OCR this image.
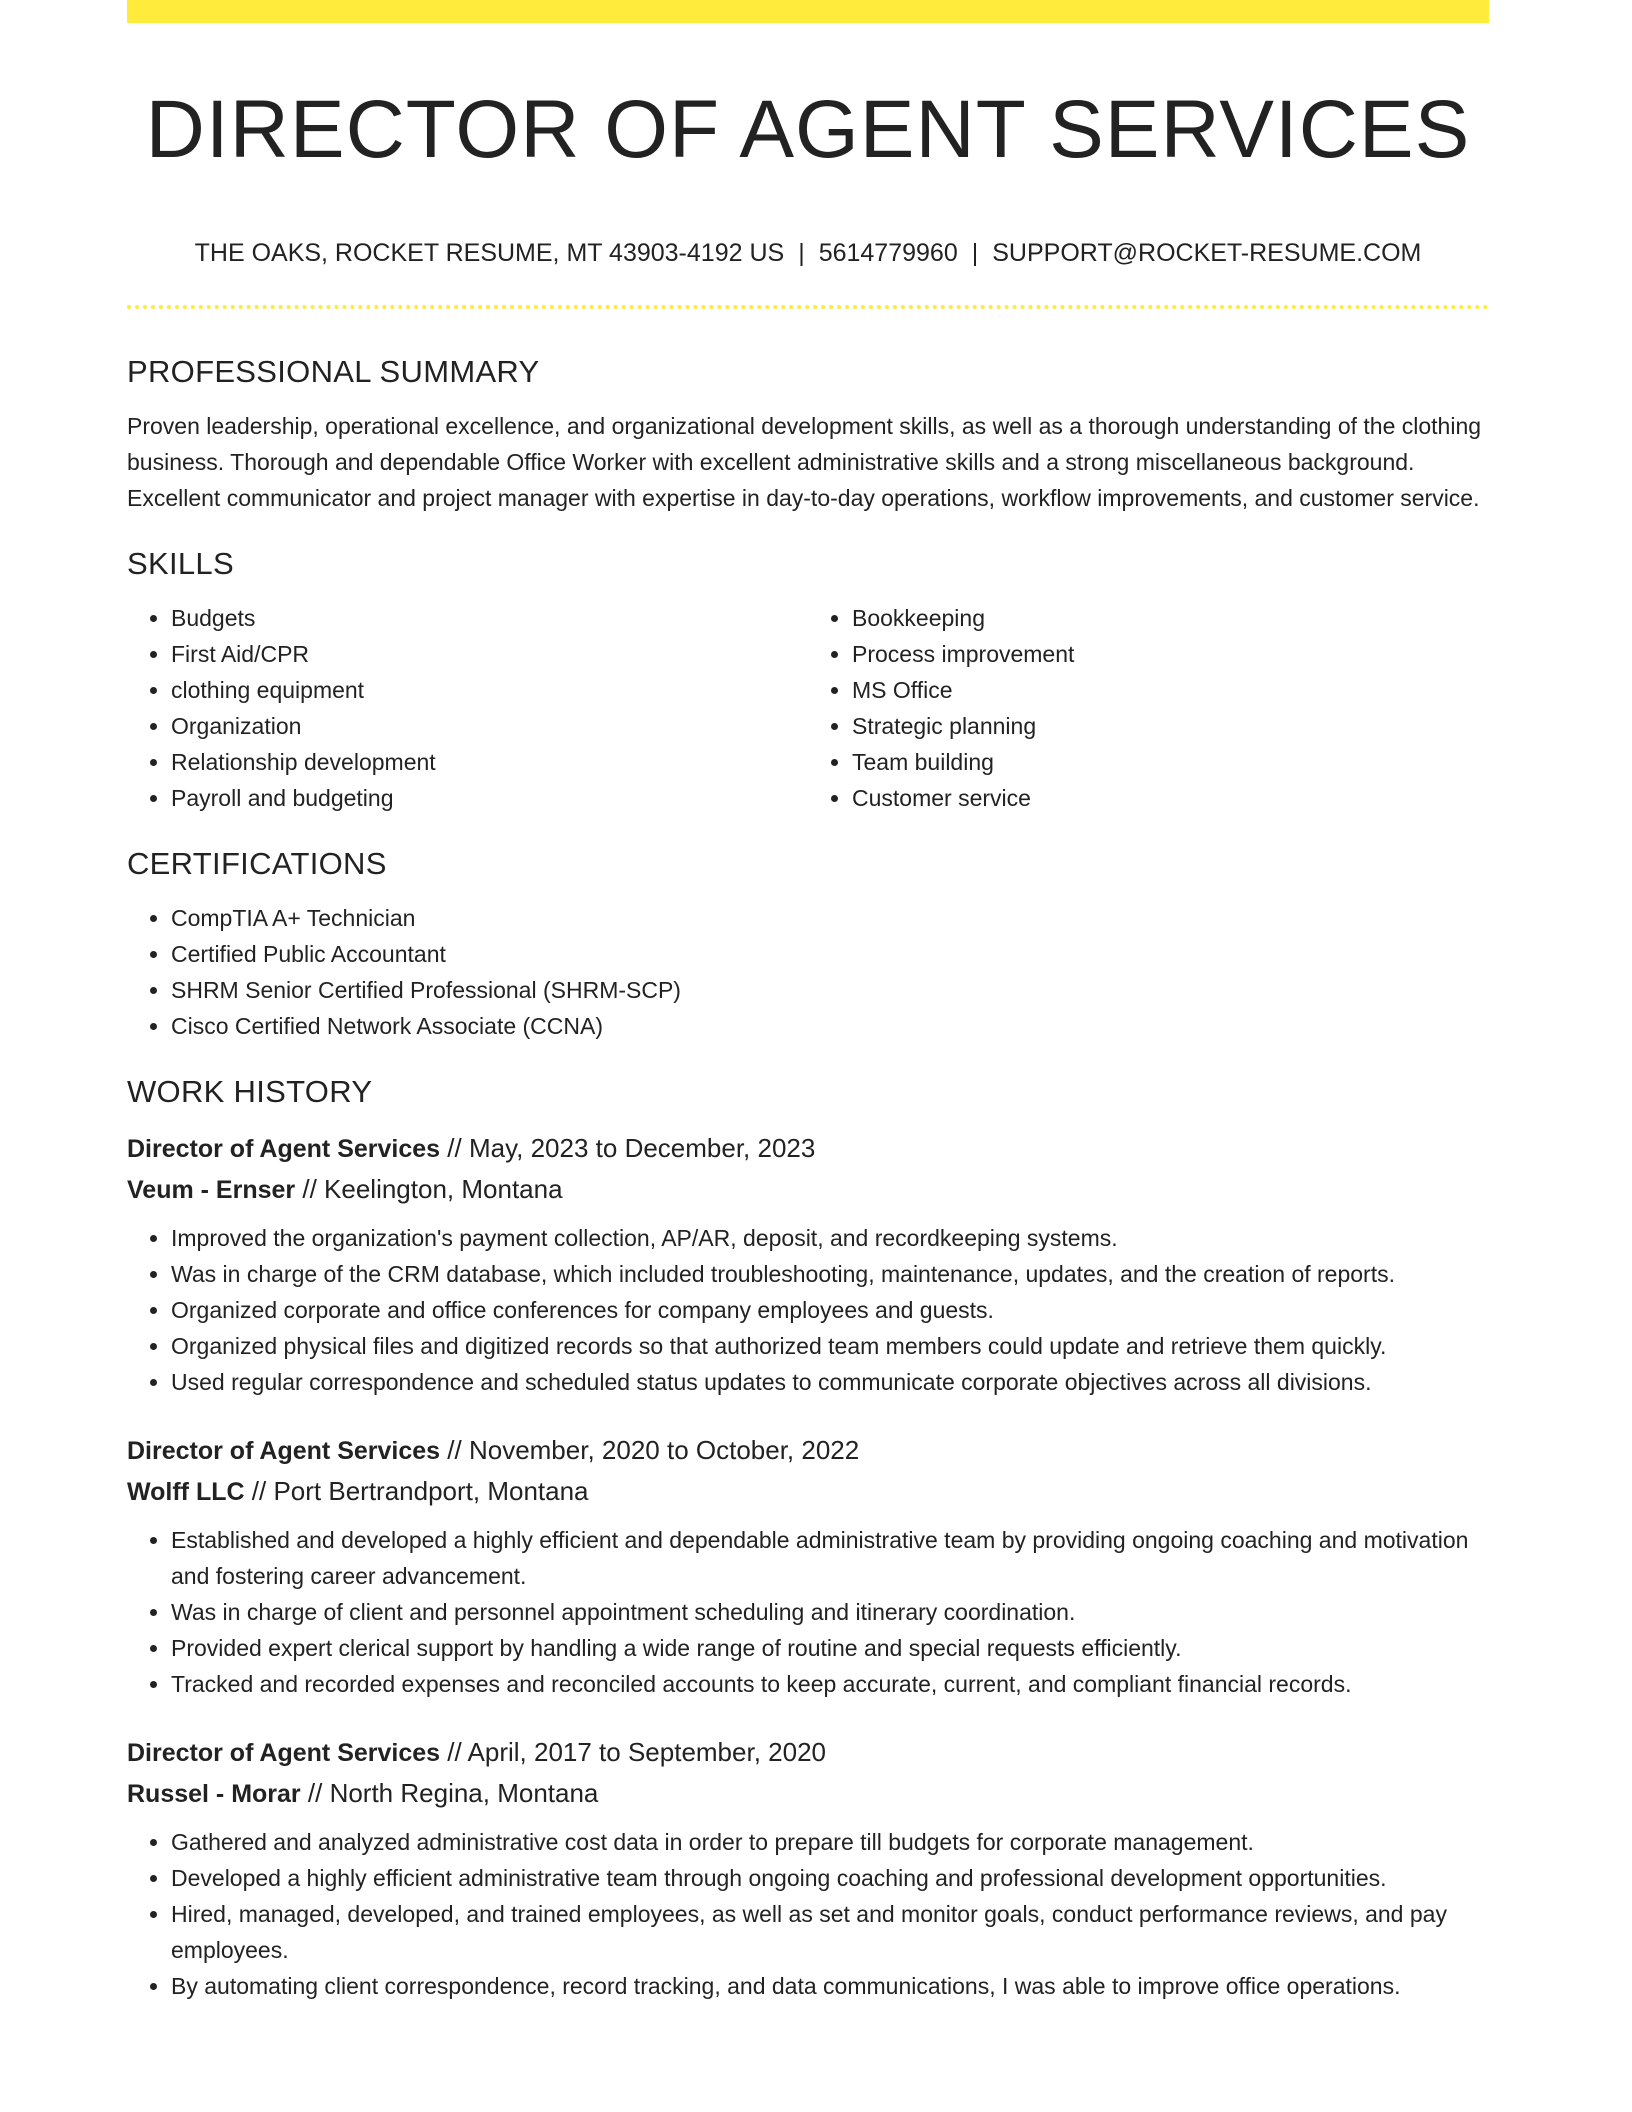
DIRECTOR OF AGENT SERVICES
THE OAKS, ROCKET RESUME, MT 43903-4192 US | 5614779960 | SUPPORT@ROCKET-RESUME.COM
PROFESSIONAL SUMMARY

Proven leadership, operational excellence, and organizational development skills, as well as a thorough understanding of the clothing business. Thorough and dependable Office Worker with excellent administrative skills and a strong miscellaneous background. Excellent communicator and project manager with expertise in day-to-day operations, workflow improvements, and customer service.

SKILLS
• Budgets
• First Aid/CPR
• clothing equipment
• Organization
• Relationship development
• Payroll and budgeting
• Bookkeeping
• Process improvement
• MS Office
• Strategic planning
• Team building
• Customer service
CERTIFICATIONS
• CompTIA A+ Technician
• Certified Public Accountant
• SHRM Senior Certified Professional (SHRM-SCP)
• Cisco Certified Network Associate (CCNA)
WORK HISTORY
Director of Agent Services // May, 2023 to December, 2023
Veum - Ernser // Keelington, Montana
• Improved the organization's payment collection, AP/AR, deposit, and recordkeeping systems.
• Was in charge of the CRM database, which included troubleshooting, maintenance, updates, and the creation of reports.
• Organized corporate and office conferences for company employees and guests.
• Organized physical files and digitized records so that authorized team members could update and retrieve them quickly.
• Used regular correspondence and scheduled status updates to communicate corporate objectives across all divisions.
Director of Agent Services // November, 2020 to October, 2022
Wolff LLC // Port Bertrandport, Montana
• Established and developed a highly efficient and dependable administrative team by providing ongoing coaching and motivation and fostering career advancement.
• Was in charge of client and personnel appointment scheduling and itinerary coordination.
• Provided expert clerical support by handling a wide range of routine and special requests efficiently.
• Tracked and recorded expenses and reconciled accounts to keep accurate, current, and compliant financial records.
Director of Agent Services // April, 2017 to September, 2020
Russel - Morar // North Regina, Montana
• Gathered and analyzed administrative cost data in order to prepare till budgets for corporate management.
• Developed a highly efficient administrative team through ongoing coaching and professional development opportunities.
• Hired, managed, developed, and trained employees, as well as set and monitor goals, conduct performance reviews, and pay employees.
• By automating client correspondence, record tracking, and data communications, I was able to improve office operations.
